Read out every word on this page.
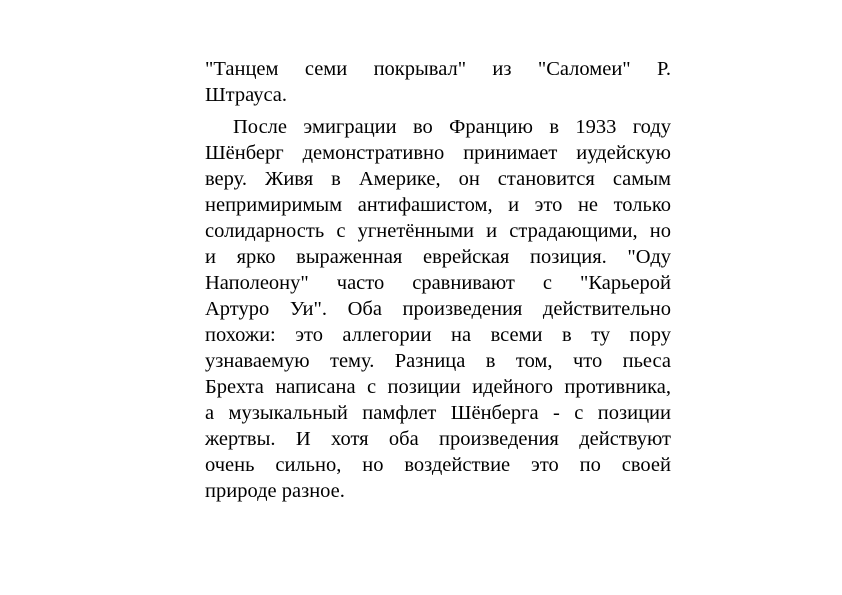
"Танцем семи покрывал" из "Саломеи" Р.
Штрауса.
После эмиграции во Францию в 1933 году
Шёнберг демонстративно принимает иудейскую
веру. Живя в Америке, он становится самым
непримиримым антифашистом, и это не только
солидарность с угнетёнными и страдающими, но
и ярко выраженная еврейская позиция. "Оду
Наполеону" часто сравнивают с "Карьерой
Артуро Уи". Оба произведения действительно
похожи: это аллегории на всеми в ту пору
узнаваемую тему. Разница в том, что пьеса
Брехта написана с позиции идейного противника,
а музыкальный памфлет Шёнберга - с позиции
жертвы. И хотя оба произведения действуют
очень сильно, но воздействие это по своей
природе разное.
